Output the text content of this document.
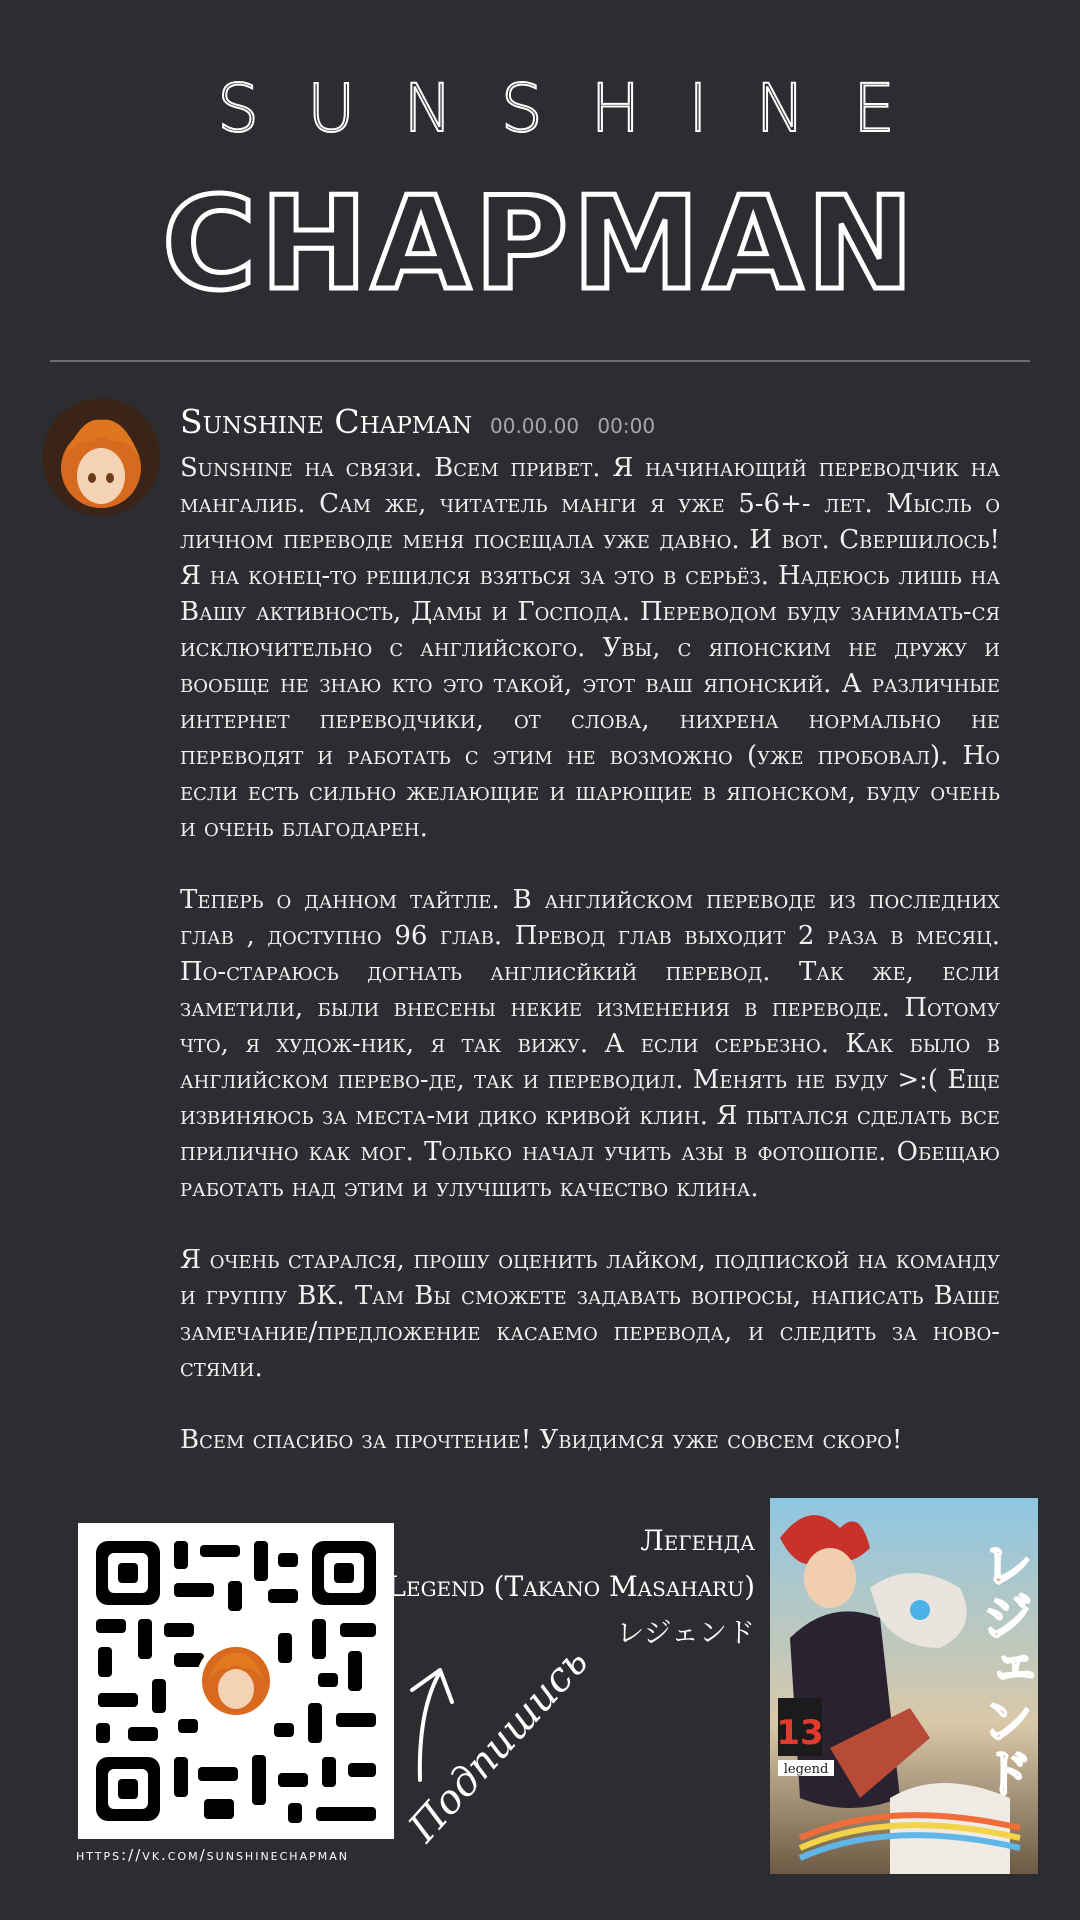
SUNSHINE
CHAPMAN
Sunshine Chapman 00.00.00 00:00

Sunshine на связи. Всем привет. Я начинающий переводчик на мангалиб. Сам же, читатель манги я уже 5-6+- лет. Мысль о личном переводе меня посещала уже давно. И вот. Свершилось! Я на конец-то решился взяться за это в серьёз. Надеюсь лишь на Вашу активность, Дамы и Господа. Переводом буду занимать-ся исключительно с английского. Увы, с японским не дружу и вообще не знаю кто это такой, этот ваш японский. А различные интернет переводчики, от слова, нихрена нормально не переводят и работать с этим не возможно (уже пробовал). Но если есть сильно желающие и шарющие в японском, буду очень и очень благодарен.

Теперь о данном тайтле. В английском переводе из последних глав , доступно 96 глав. Превод глав выходит 2 раза в месяц. По-стараюсь догнать англисйкий перевод. Так же, если заметили, были внесены некие изменения в переводе. Потому что, я худож-ник, я так вижу. А если серьезно. Как было в английском перево-де, так и переводил. Менять не буду >:( Еще извиняюсь за места-ми дико кривой клин. Я пытался сделать все прилично как мог. Только начал учить азы в фотошопе. Обещаю работать над этим и улучшить качество клина.

Я очень старался, прошу оценить лайком, подпиской на команду и группу ВК. Там Вы сможете задавать вопросы, написать Ваше замечание/предложение касаемо перевода, и следить за ново-стями.

Всем спасибо за прочтение! Увидимся уже совсем скоро!

https://vk.com/sunshinechapman
Подпишись
Легенда
Legend (Takano Masaharu)
レジェンド	レジェンド
13
legend
